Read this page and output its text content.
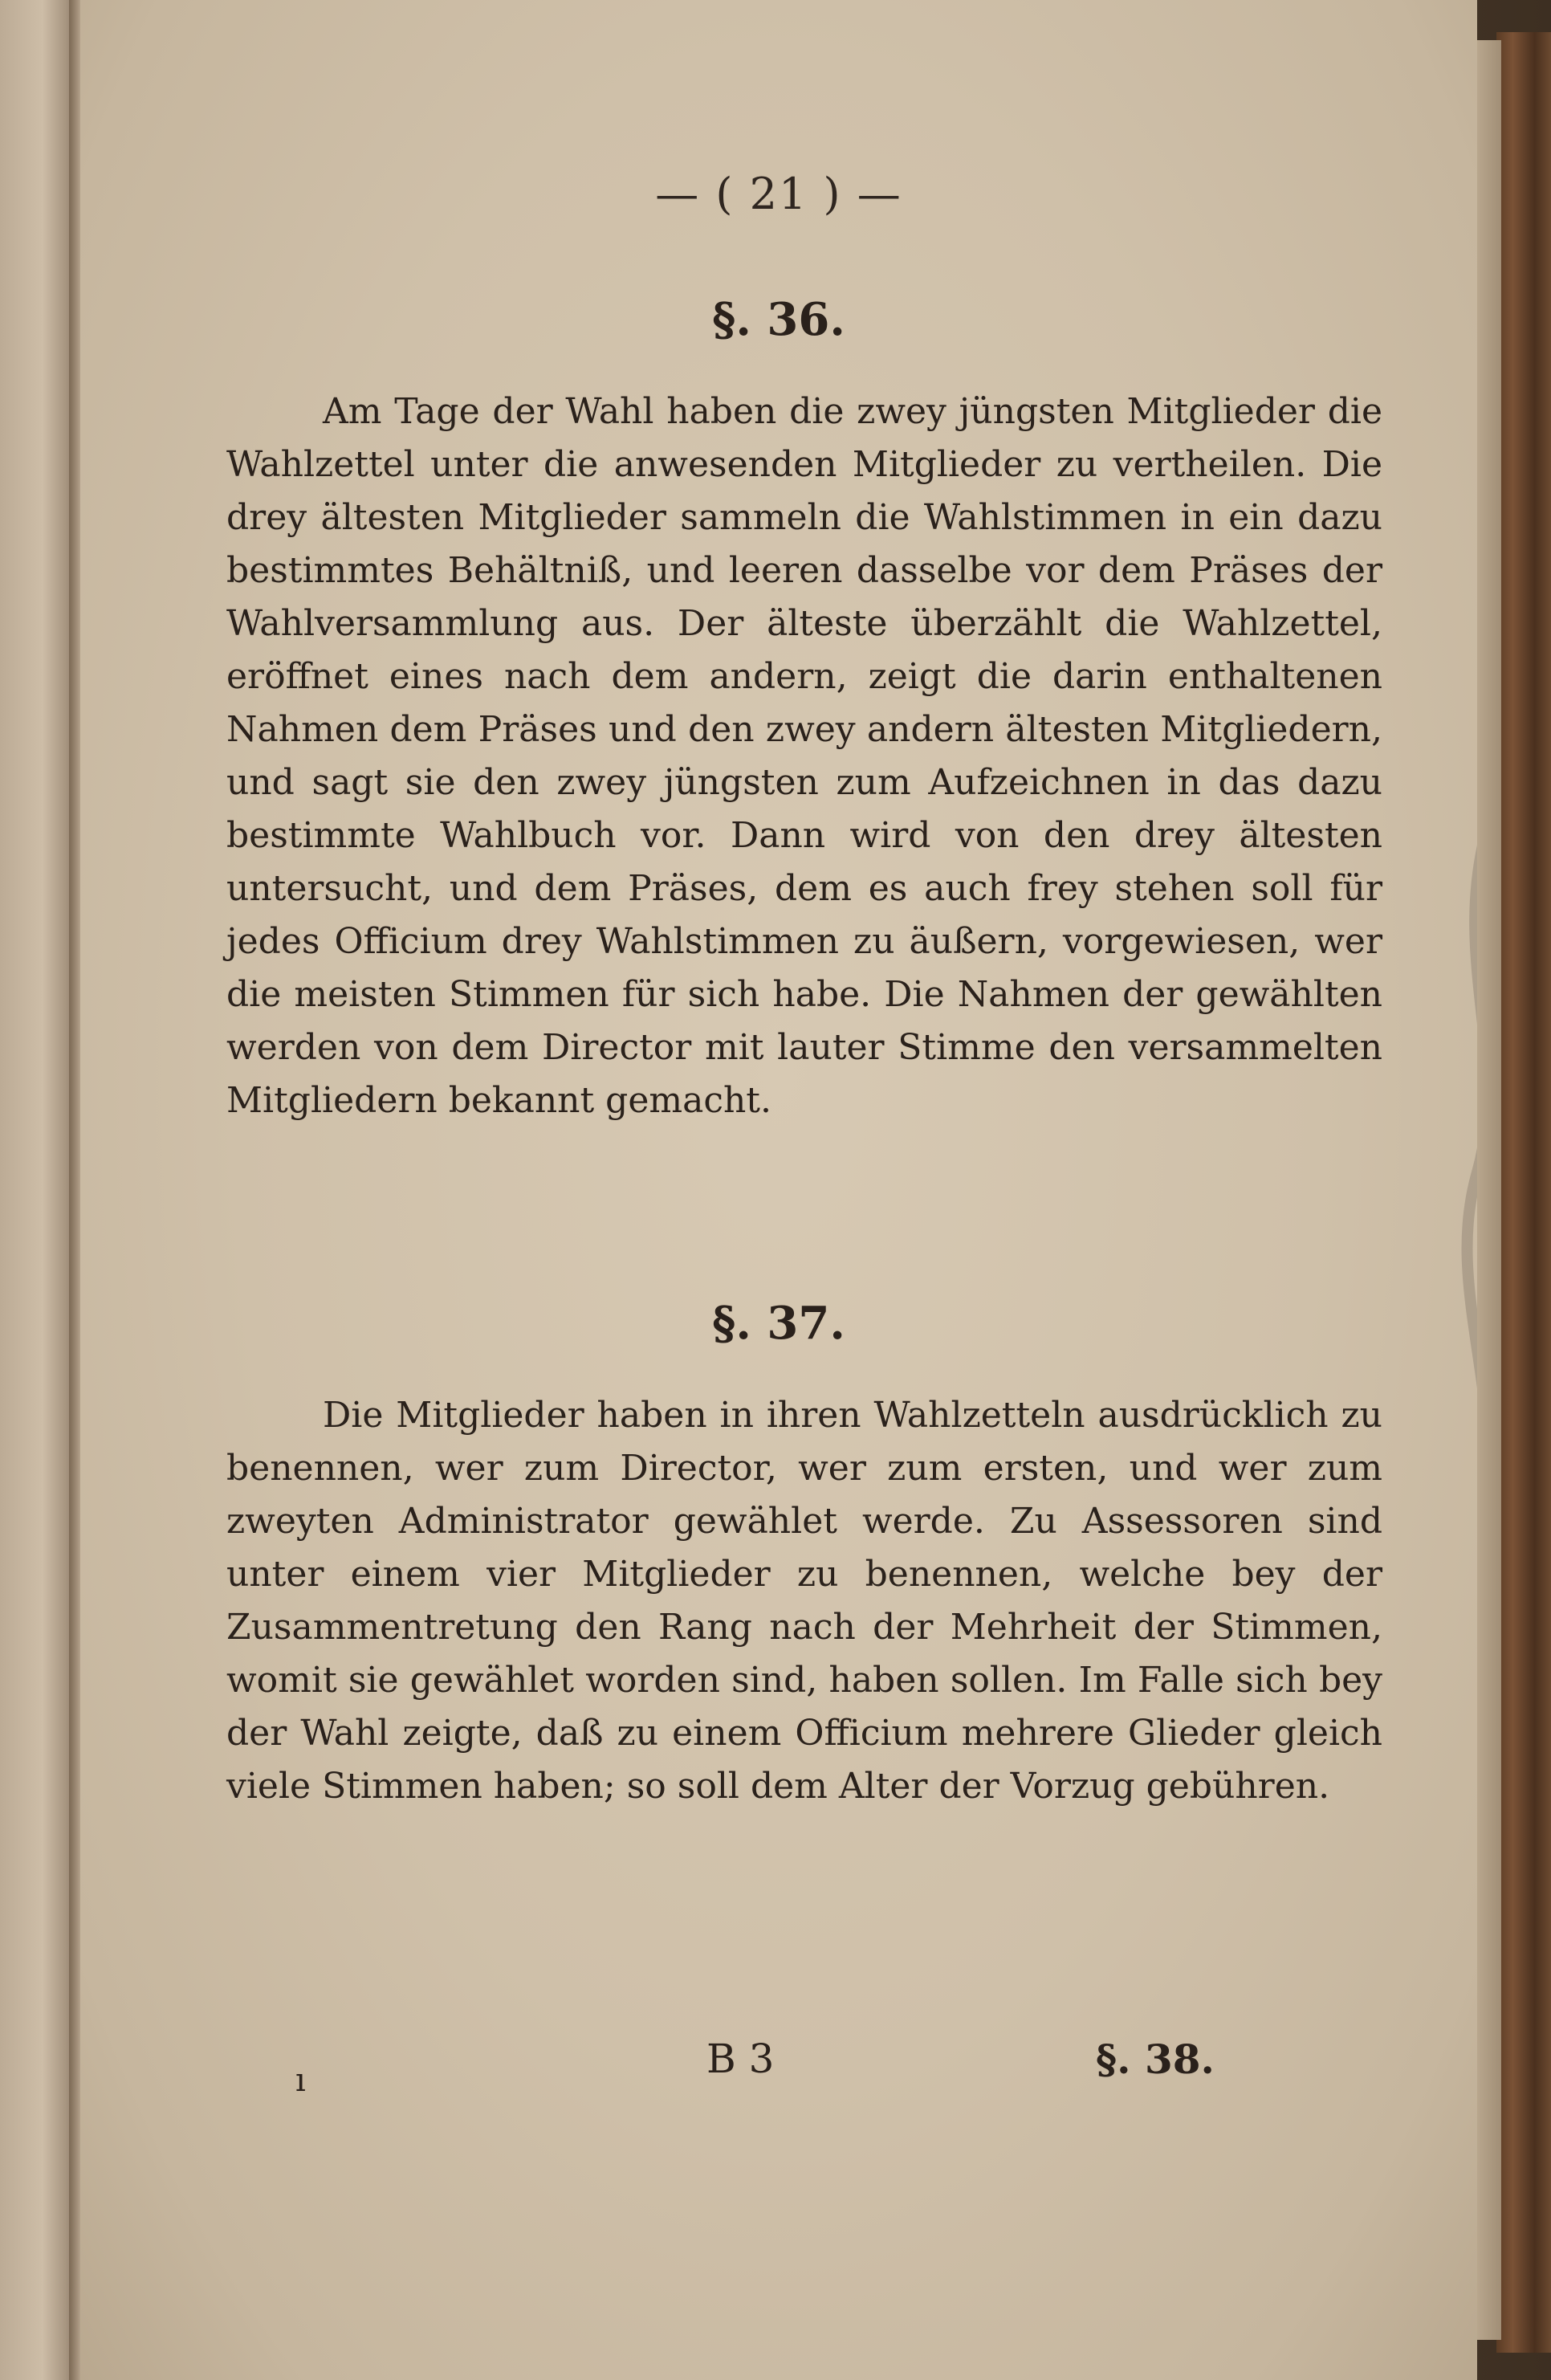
— ( 21 ) —
§. 36.
Am Tage der Wahl haben die zwey jüngsten Mitglieder die Wahlzettel unter die anwesenden Mitglieder zu vertheilen. Die drey ältesten Mitglieder sammeln die Wahlstimmen in ein dazu bestimmtes Behältniß, und leeren dasselbe vor dem Präses der Wahlversammlung aus. Der älteste überzählt die Wahlzettel, eröffnet eines nach dem andern, zeigt die darin enthaltenen Nahmen dem Präses und den zwey andern ältesten Mitgliedern, und sagt sie den zwey jüngsten zum Aufzeichnen in das dazu bestimmte Wahlbuch vor. Dann wird von den drey ältesten untersucht, und dem Präses, dem es auch frey stehen soll für jedes Officium drey Wahlstimmen zu äußern, vorgewiesen, wer die meisten Stimmen für sich habe. Die Nahmen der gewählten werden von dem Director mit lauter Stimme den versammelten Mitgliedern bekannt gemacht.
§. 37.
Die Mitglieder haben in ihren Wahlzetteln ausdrücklich zu benennen, wer zum Director, wer zum ersten, und wer zum zweyten Administrator gewählet werde. Zu Assessoren sind unter einem vier Mitglieder zu benennen, welche bey der Zusammentretung den Rang nach der Mehrheit der Stimmen, womit sie gewählet worden sind, haben sollen. Im Falle sich bey der Wahl zeigte, daß zu einem Officium mehrere Glieder gleich viele Stimmen haben; so soll dem Alter der Vorzug gebühren.
ı	B 3	§. 38.
